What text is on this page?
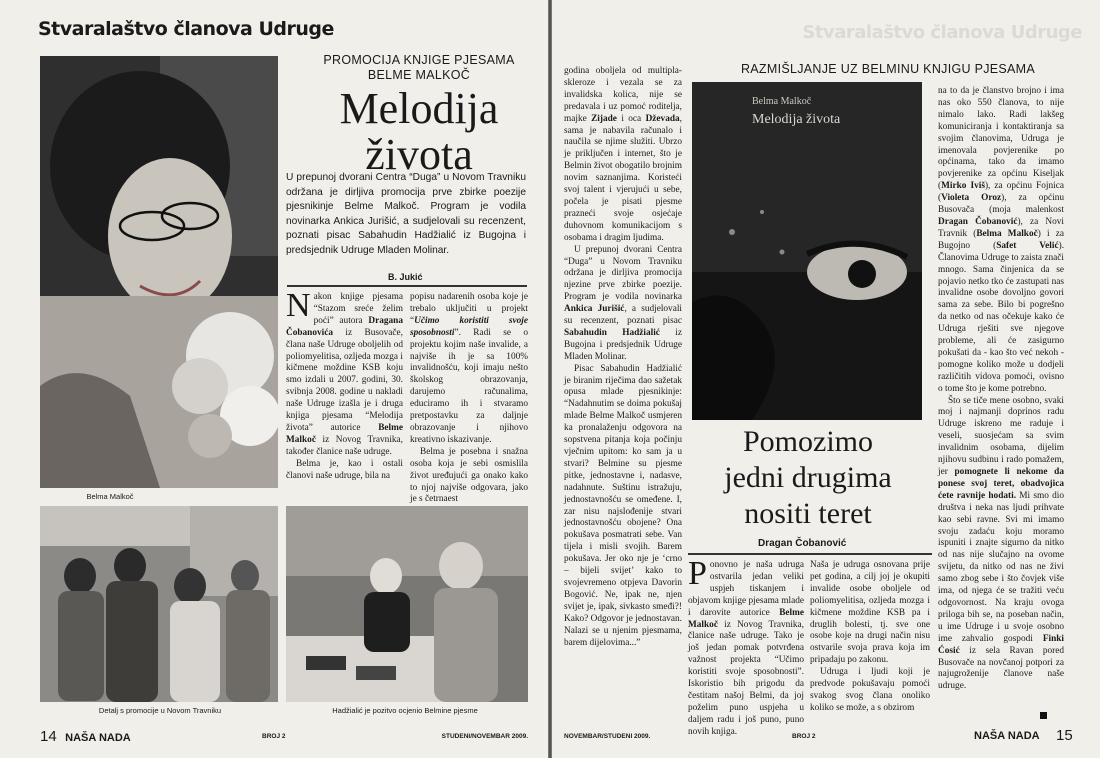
Stvaralaštvo članova Udruge
Belma Malkoč
PROMOCIJA KNJIGE PJESAMA
BELME MALKOČ
Melodija
života
U prepunoj dvorani Centra “Duga” u Novom Travniku održana je dirljiva promocija prve zbirke poezije pjesnikinje Belme Malkoč. Program je vodila novinarka Ankica Jurišić, a sudjelovali su recenzent, poznati pisac Sabahudin Hadžialić iz Bugojna i predsjednik Udruge Mladen Molinar.
B. Jukić
N akon knjige pjesama “Stazom sreće želim poći” autora Dragana Čobanovića iz Busovače, člana naše Udruge oboljelih od poliomyelitisa, ozljeda mozga i kičmene moždine KSB koju smo izdali u 2007. godini, 30. svibnja 2008. godine u nakladi naše Udruge izašla je i druga knjiga pjesama “Melodija života” autorice Belme Malkoč iz Novog Travnika, također članice naše udruge.

Belma je, kao i ostali članovi naše udruge, bila na

popisu nadarenih osoba koje je trebalo uključiti u projekt “Učimo koristiti svoje sposobnosti”. Radi se o projektu kojim naše invalide, a najviše ih je sa 100% invalidnošću, koji imaju nešto školskog obrazovanja, darujemo računalima, educiramo ih i stvaramo pretpostavku za daljnje obrazovanje i njihovo kreativno iskazivanje.

Belma je posebna i snažna osoba koja je sebi osmislila život uređujući ga onako kako to njoj najviše odgovara, jako je s četrnaest

Detalj s promocije u Novom Travniku	Hadžialić je pozitvo ocjenio Belmine pjesme
14 NAŠA NADA	BROJ 2	STUDENI/NOVEMBAR 2009.
Stvaralaštvo članova Udruge
godina oboljela od multipla-skleroze i vezala se za invalidska kolica, nije se predavala i uz pomoć roditelja, majke Zijade i oca Dževada, sama je nabavila računalo i naučila se njime služiti. Ubrzo je priključen i internet, što je Belmin život obogatilo brojnim novim saznanjima. Koristeći svoj talent i vjerujući u sebe, počela je pisati pjesme prazneći svoje osjećaje duhovnom komunikacijom s osobama i dragim ljudima.

U prepunoj dvorani Centra “Duga” u Novom Travniku održana je dirljiva promocija njezine prve zbirke poezije. Program je vodila novinarka Ankica Jurišić, a sudjelovali su recenzent, poznati pisac Sabahudin Hadžialić iz Bugojna i predsjednik Udruge Mladen Molinar.

Pisac Sabahudin Hadžialić je biranim riječima dao sažetak opusa mlade pjesnikinje: “Nadahnutim se doima pokušaj mlade Belme Malkoč usmjeren ka pronalaženju odgovora na sopstvena pitanja koja počinju vječnim upitom: ko sam ja u stvari? Belmine su pjesme pitke, jednostavne i, nadasve, nadahnute. Suštinu istražuju, jednostavnošću se omeđene. I, zar nisu najslođenije stvari jednostavnošću obojene? Ona pokušava posmatrati sebe. Van tijela i misli svojih. Barem pokušava. Jer oko nje je ‘crno – bijeli svijet’ kako to svojevremeno otpjeva Davorin Bogović. Ne, ipak ne, njen svijet je, ipak, sivkasto smeđi?! Kako? Odgovor je jednostavan. Nalazi se u njenim pjesmama, barem dijelovima...”

RAZMIŠLJANJE UZ BELMINU KNJIGU PJESAMA
Belma Malkoč
Melodija života
Pomozimo
jedni drugima
nositi teret
Dragan Čobanović
P onovno je naša udruga ostvarila jedan veliki uspjeh tiskanjem i objavom knjige pjesama mlade i darovite autorice Belme Malkoč iz Novog Travnika, članice naše udruge. Tako je još jedan pomak potvrđena važnost projekta “Učimo koristiti svoje sposobnosti”. Iskoristio bih prigodu da čestitam našoj Belmi, da joj poželim puno uspjeha u daljem radu i još puno, puno novih knjiga.
Naša je udruga osnovana prije pet godina, a cilj joj je okupiti invalide osobe oboljele od poliomyelitisa, ozljeda mozga i kičmene moždine KSB pa i druglih bolesti, tj. sve one osobe koje na drugi način nisu ostvarile svoja prava koja im pripadaju po zakonu.

Udruga i ljudi koji je predvode pokušavaju pomoći svakog svog člana onoliko koliko se može, a s obzirom

na to da je članstvo brojno i ima nas oko 550 članova, to nije nimalo lako. Radi lakšeg komuniciranja i kontaktiranja sa svojim članovima, Udruga je imenovala povjerenike po općinama, tako da imamo povjerenike za općinu Kiseljak (Mirko Iviš), za općinu Fojnica (Violeta Oroz), za općinu Busovača (moja malenkost Dragan Čobanović), za Novi Travnik (Belma Malkoč) i za Bugojno (Safet Velić). Članovima Udruge to zaista znači mnogo. Sama činjenica da se pojavio netko tko će zastupati nas invalidne osobe dovoljno govori sama za sebe. Bilo bi pogrešno da netko od nas očekuje kako će Udruga rješiti sve njegove probleme, ali će zasigurno pokušati da - kao što već nekoh - pomogne koliko može u dodjeli različitih vidova pomoći, ovisno o tome što je kome potrebno.

Što se tiče mene osobno, svaki moj i najmanji doprinos radu Udruge iskreno me raduje i veseli, suosjećam sa svim invalidnim osobama, dijelim njihovu sudbinu i rado pomažem, jer pomognete li nekome da ponese svoj teret, obadvojica ćete ravnije hodati. Mi smo dio društva i neka nas ljudi prihvate kao sebi ravne. Svi mi imamo svoju zadaću koju moramo ispuniti i znajte sigurno da nitko od nas nije slučajno na ovome svijetu, da nitko od nas ne živi samo zbog sebe i što čovjek više ima, od njega će se tražiti veću odgovornost. Na kraju ovoga priloga bih se, na poseban način, u ime Udruge i u svoje osobno ime zahvalio gospodi Finki Ćosić iz sela Ravan pored Busovače na novčanoj potpori za najugroženije članove naše udruge.

NOVEMBAR/STUDENI 2009.	BROJ 2	NAŠA NADA 15
